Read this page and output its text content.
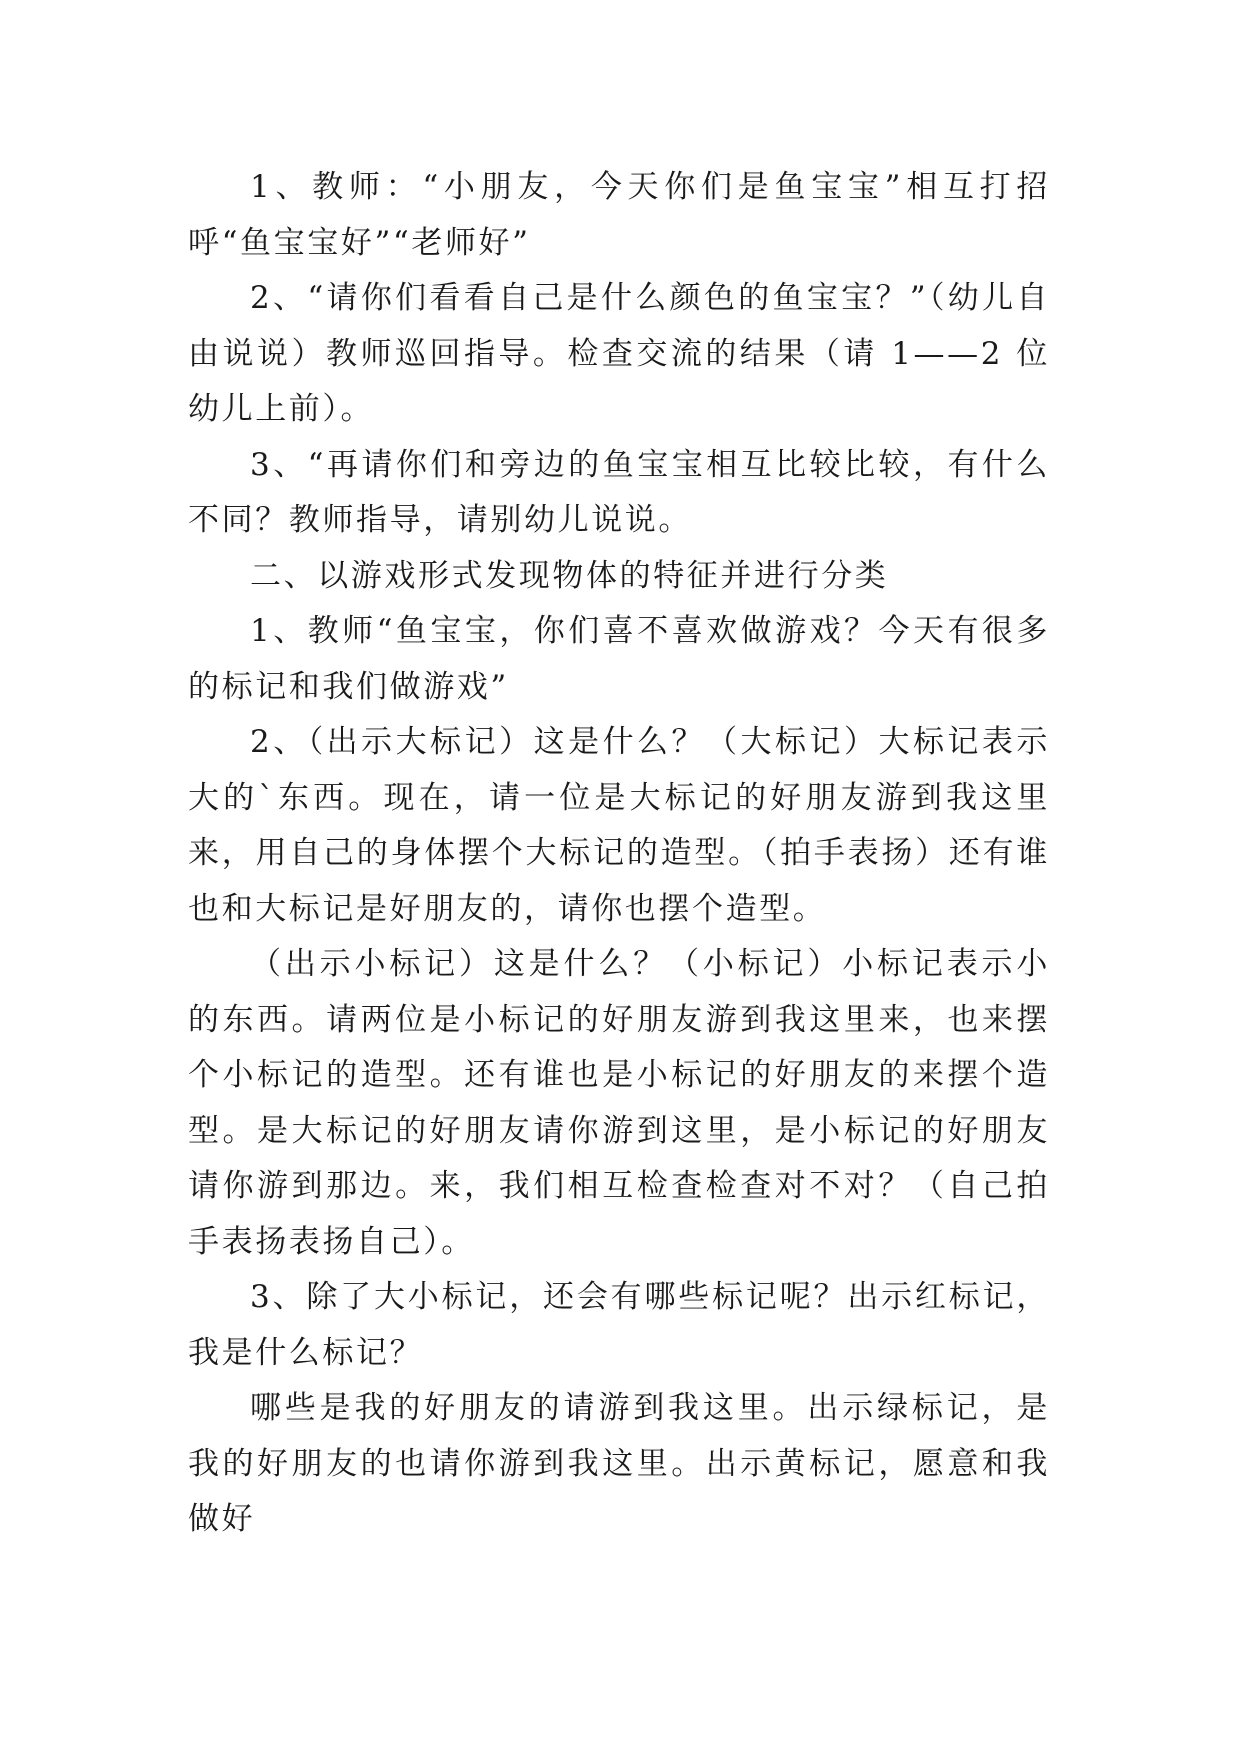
1、教师：“小朋友，今天你们是鱼宝宝”相互打招呼“鱼宝宝好”“老师好”

2、“请你们看看自己是什么颜色的鱼宝宝？”（幼儿自由说说）教师巡回指导。检查交流的结果（请 1——2 位幼儿上前）。

3、“再请你们和旁边的鱼宝宝相互比较比较，有什么不同？教师指导，请别幼儿说说。

二、以游戏形式发现物体的特征并进行分类

1、教师“鱼宝宝，你们喜不喜欢做游戏？今天有很多的标记和我们做游戏”

2、（出示大标记）这是什么？（大标记）大标记表示大的`东西。现在，请一位是大标记的好朋友游到我这里来，用自己的身体摆个大标记的造型。（拍手表扬）还有谁也和大标记是好朋友的，请你也摆个造型。

（出示小标记）这是什么？（小标记）小标记表示小的东西。请两位是小标记的好朋友游到我这里来，也来摆个小标记的造型。还有谁也是小标记的好朋友的来摆个造型。是大标记的好朋友请你游到这里，是小标记的好朋友请你游到那边。来，我们相互检查检查对不对？（自己拍手表扬表扬自己）。

3、除了大小标记，还会有哪些标记呢？出示红标记，我是什么标记？

哪些是我的好朋友的请游到我这里。出示绿标记，是我的好朋友的也请你游到我这里。出示黄标记，愿意和我做好
